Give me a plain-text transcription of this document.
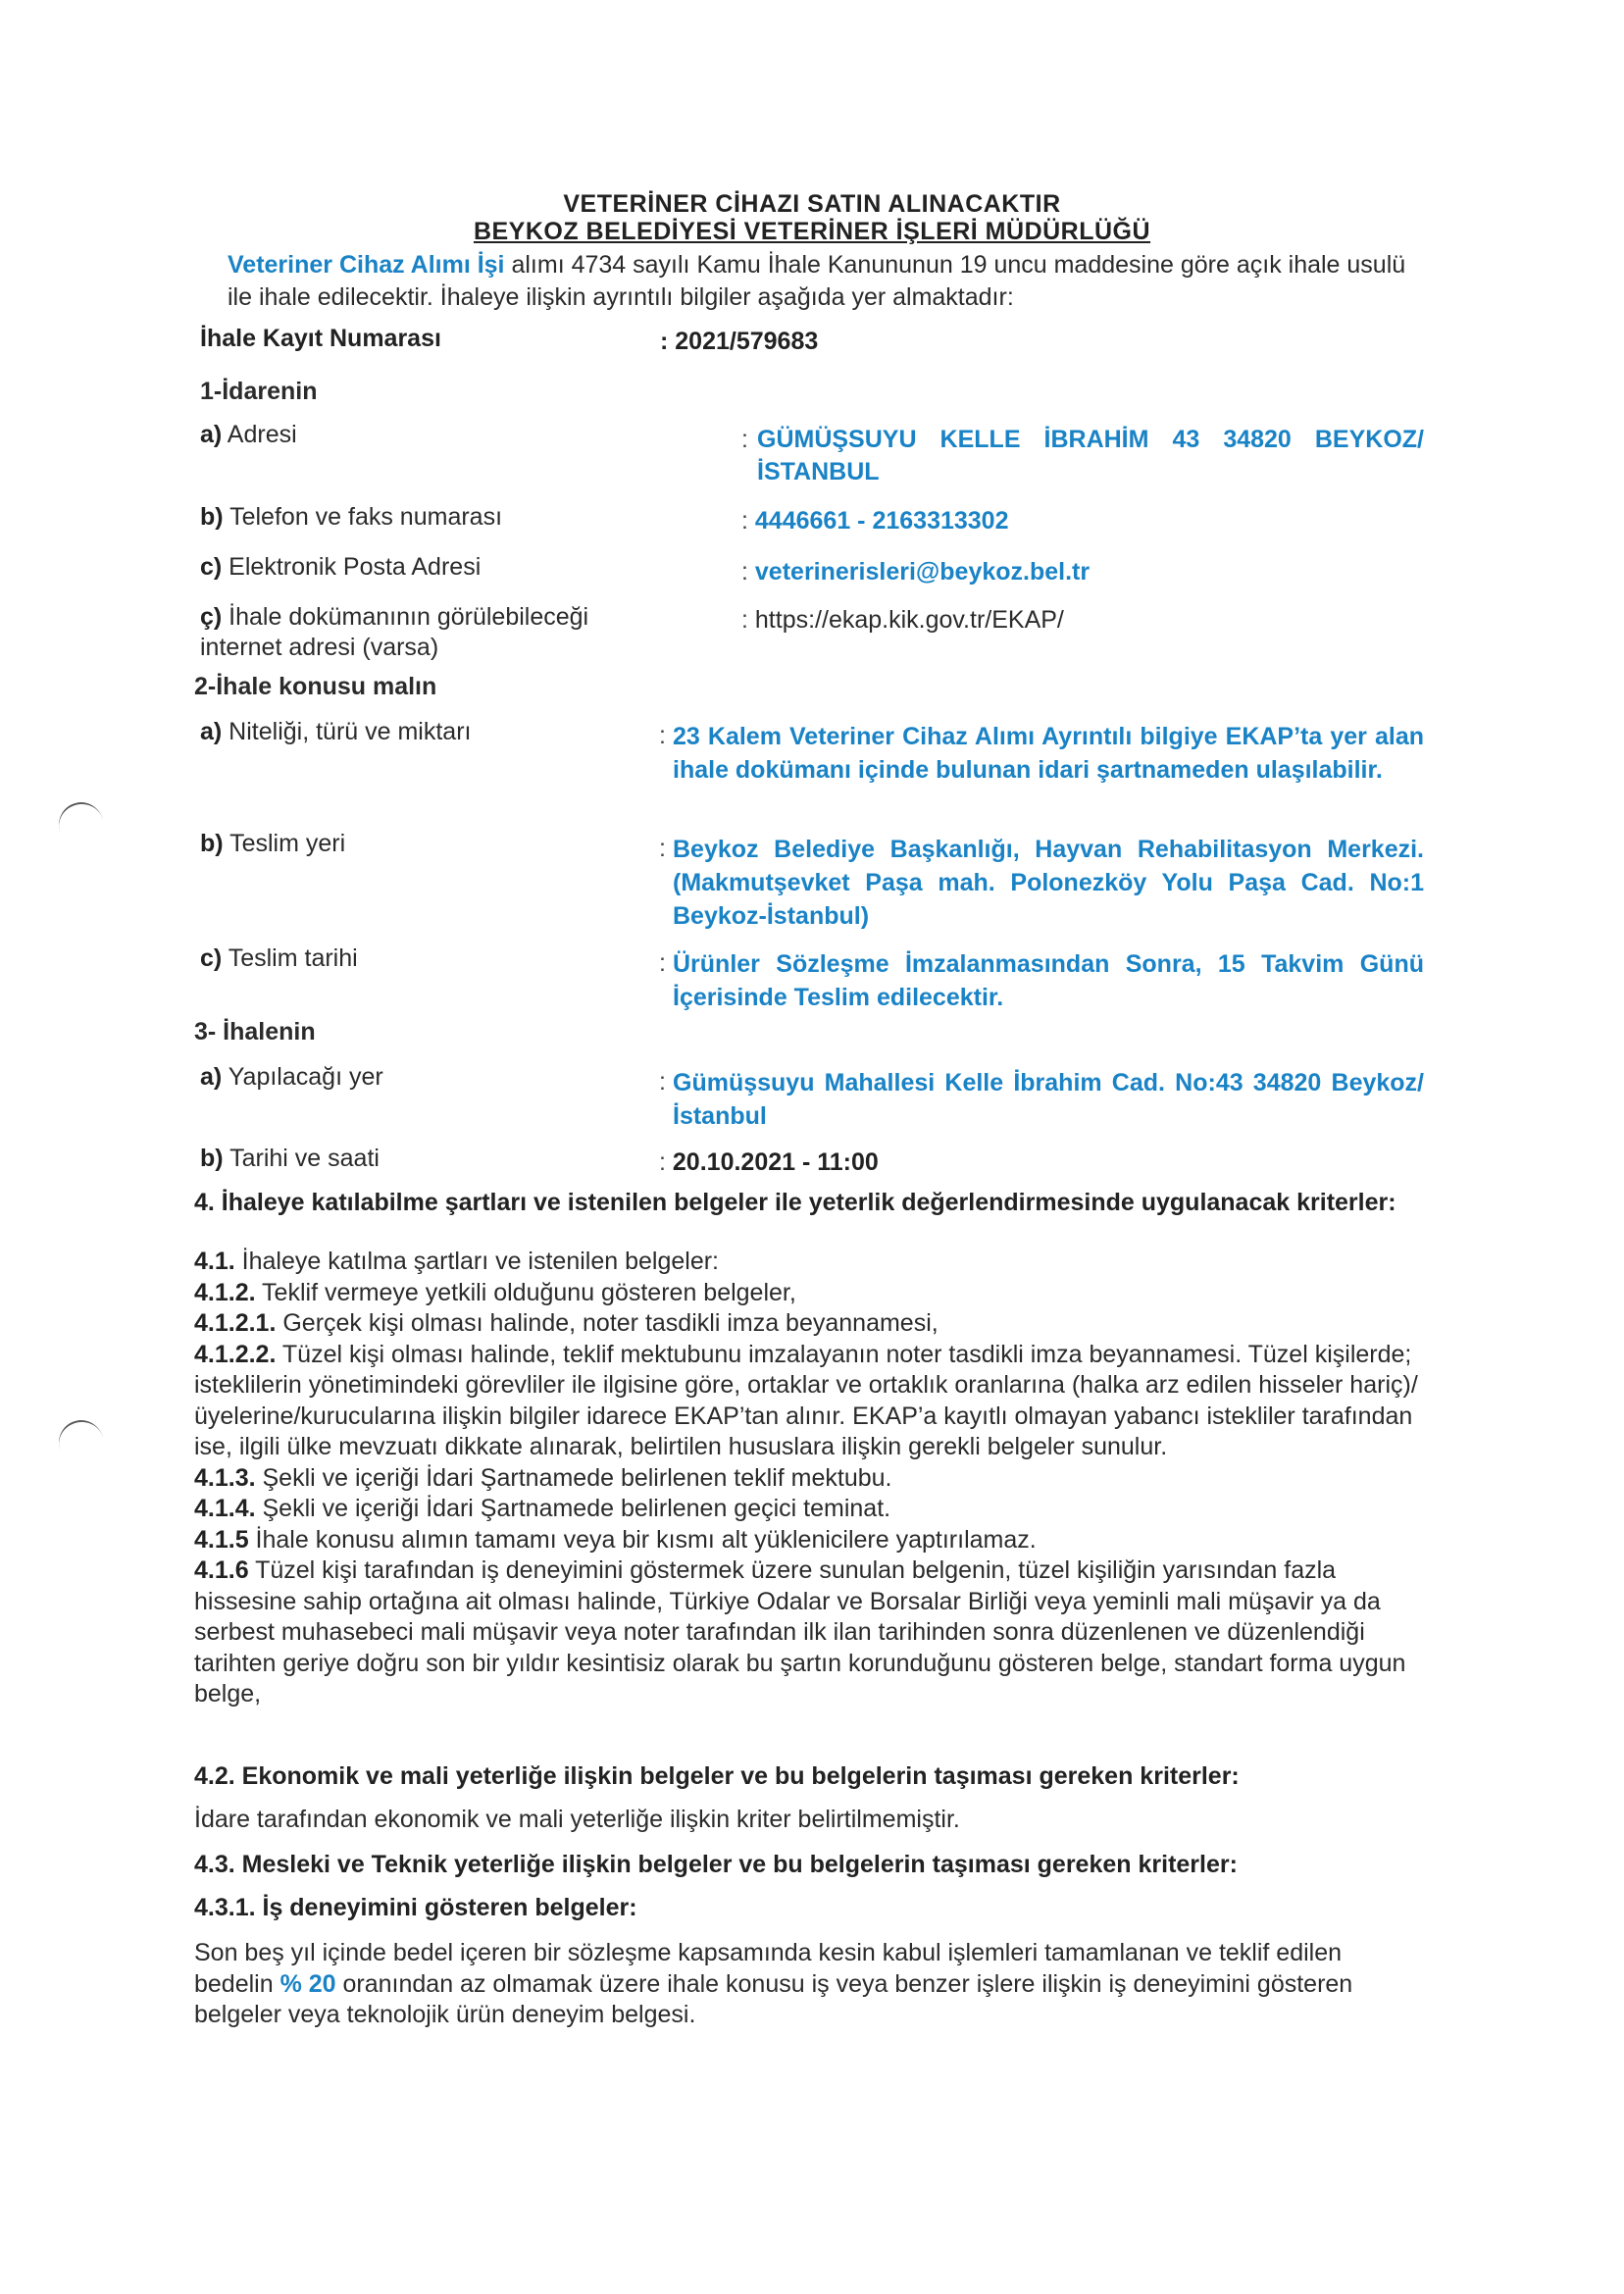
VETERİNER CİHAZI SATIN ALINACAKTIR
BEYKOZ BELEDİYESİ VETERİNER İŞLERİ MÜDÜRLÜĞÜ
Veteriner Cihaz Alımı İşi alımı 4734 sayılı Kamu İhale Kanununun 19 uncu maddesine göre açık ihale usulü ile ihale edilecektir. İhaleye ilişkin ayrıntılı bilgiler aşağıda yer almaktadır:
İhale Kayıt Numarası	: 2021/579683
1-İdarenin
a) Adresi	: GÜMÜŞSUYU KELLE İBRAHİM 43 34820 BEYKOZ/İSTANBUL
b) Telefon ve faks numarası	: 4446661 - 2163313302
c) Elektronik Posta Adresi	: veterinerisleri@beykoz.bel.tr
ç) İhale dokümanının görülebileceği internet adresi (varsa)
: https://ekap.kik.gov.tr/EKAP/
2-İhale konusu malın
a) Niteliği, türü ve miktarı	: 23 Kalem Veteriner Cihaz Alımı Ayrıntılı bilgiye EKAP’ta yer alan ihale dokümanı içinde bulunan idari şartnameden ulaşılabilir.
b) Teslim yeri	: Beykoz Belediye Başkanlığı, Hayvan Rehabilitasyon Merkezi. (Makmutşevket Paşa mah. Polonezköy Yolu Paşa Cad. No:1 Beykoz-İstanbul)
c) Teslim tarihi	: Ürünler Sözleşme İmzalanmasından Sonra, 15 Takvim Günü İçerisinde Teslim edilecektir.
3- İhalenin
a) Yapılacağı yer	: Gümüşsuyu Mahallesi Kelle İbrahim Cad. No:43 34820 Beykoz/İstanbul
b) Tarihi ve saati	: 20.10.2021 - 11:00
4. İhaleye katılabilme şartları ve istenilen belgeler ile yeterlik değerlendirmesinde uygulanacak kriterler:
4.1. İhaleye katılma şartları ve istenilen belgeler:
4.1.2. Teklif vermeye yetkili olduğunu gösteren belgeler,
4.1.2.1. Gerçek kişi olması halinde, noter tasdikli imza beyannamesi,
4.1.2.2. Tüzel kişi olması halinde, teklif mektubunu imzalayanın noter tasdikli imza beyannamesi. Tüzel kişilerde; isteklilerin yönetimindeki görevliler ile ilgisine göre, ortaklar ve ortaklık oranlarına (halka arz edilen hisseler hariç)/üyelerine/kurucularına ilişkin bilgiler idarece EKAP’tan alınır. EKAP’a kayıtlı olmayan yabancı istekliler tarafından ise, ilgili ülke mevzuatı dikkate alınarak, belirtilen hususlara ilişkin gerekli belgeler sunulur.
4.1.3. Şekli ve içeriği İdari Şartnamede belirlenen teklif mektubu.
4.1.4. Şekli ve içeriği İdari Şartnamede belirlenen geçici teminat.
4.1.5 İhale konusu alımın tamamı veya bir kısmı alt yüklenicilere yaptırılamaz.
4.1.6 Tüzel kişi tarafından iş deneyimini göstermek üzere sunulan belgenin, tüzel kişiliğin yarısından fazla hissesine sahip ortağına ait olması halinde, Türkiye Odalar ve Borsalar Birliği veya yeminli mali müşavir ya da serbest muhasebeci mali müşavir veya noter tarafından ilk ilan tarihinden sonra düzenlenen ve düzenlendiği tarihten geriye doğru son bir yıldır kesintisiz olarak bu şartın korunduğunu gösteren belge, standart forma uygun belge,
4.2. Ekonomik ve mali yeterliğe ilişkin belgeler ve bu belgelerin taşıması gereken kriterler:
İdare tarafından ekonomik ve mali yeterliğe ilişkin kriter belirtilmemiştir.
4.3. Mesleki ve Teknik yeterliğe ilişkin belgeler ve bu belgelerin taşıması gereken kriterler:
4.3.1. İş deneyimini gösteren belgeler:
Son beş yıl içinde bedel içeren bir sözleşme kapsamında kesin kabul işlemleri tamamlanan ve teklif edilen bedelin % 20 oranından az olmamak üzere ihale konusu iş veya benzer işlere ilişkin iş deneyimini gösteren belgeler veya teknolojik ürün deneyim belgesi.
